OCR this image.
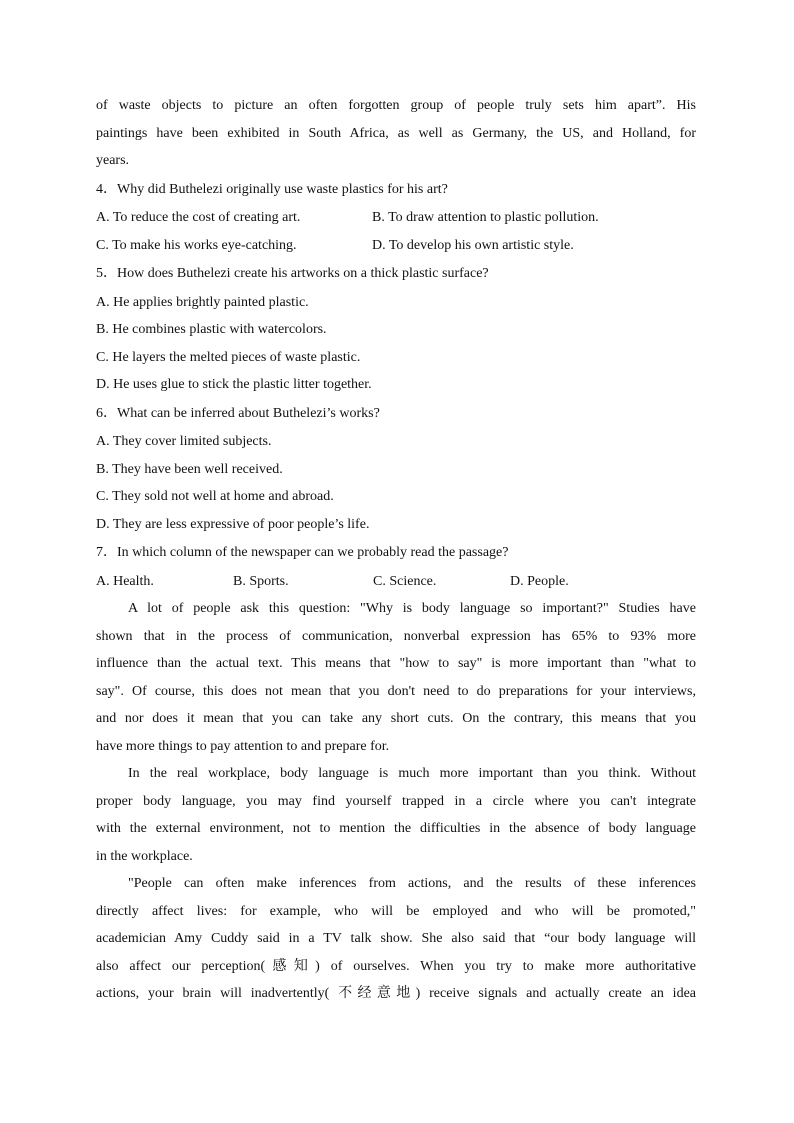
of waste objects to picture an often forgotten group of people truly sets him apart”. His

paintings have been exhibited in South Africa, as well as Germany, the US, and Holland, for

years.

4．Why did Buthelezi originally use waste plastics for his art?

A. To reduce the cost of creating art.	B. To draw attention to plastic pollution.
C. To make his works eye-catching.	D. To develop his own artistic style.

5．How does Buthelezi create his artworks on a thick plastic surface?

A. He applies brightly painted plastic.

B. He combines plastic with watercolors.

C. He layers the melted pieces of waste plastic.

D. He uses glue to stick the plastic litter together.

6．What can be inferred about Buthelezi’s works?

A. They cover limited subjects.

B. They have been well received.

C. They sold not well at home and abroad.

D. They are less expressive of poor people’s life.

7．In which column of the newspaper can we probably read the passage?

A. Health.	B. Sports.	C. Science.	D. People.

A lot of people ask this question: "Why is body language so important?" Studies have

shown that in the process of communication, nonverbal expression has 65% to 93% more

influence than the actual text. This means that "how to say" is more important than "what to

say". Of course, this does not mean that you don't need to do preparations for your interviews,

and nor does it mean that you can take any short cuts. On the contrary, this means that you

have more things to pay attention to and prepare for.

In the real workplace, body language is much more important than you think. Without

proper body language, you may find yourself trapped in a circle where you can't integrate

with the external environment, not to mention the difficulties in the absence of body language

in the workplace.

"People can often make inferences from actions, and the results of these inferences

directly affect lives: for example, who will be employed and who will be promoted,"

academician Amy Cuddy said in a TV talk show. She also said that “our body language will

also affect our perception(感知) of ourselves. When you try to make more authoritative

actions, your brain will inadvertently( 不经意地) receive signals and actually create an idea
